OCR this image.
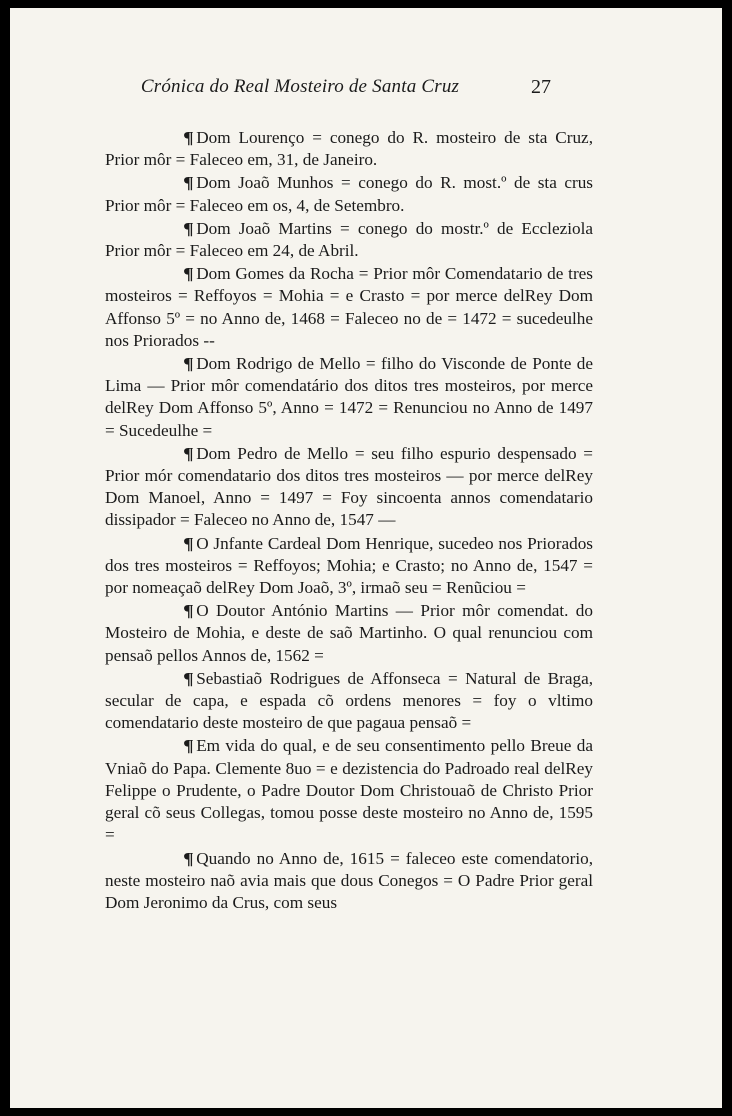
Crónica do Real Mosteiro de Santa Cruz	27

¶ Dom Lourenço = conego do R. mosteiro de sta Cruz, Prior môr = Faleceo em, 31, de Janeiro.

¶ Dom Joaõ Munhos = conego do R. most.º de sta crus Prior môr = Faleceo em os, 4, de Setembro.

¶ Dom Joaõ Martins = conego do mostr.º de Eccleziola Prior môr = Faleceo em 24, de Abril.

¶ Dom Gomes da Rocha = Prior môr Comendatario de tres mosteiros = Reffoyos = Mohia = e Crasto = por merce delRey Dom Affonso 5º = no Anno de, 1468 = Faleceo no de = 1472 = sucedeulhe nos Priorados --

¶ Dom Rodrigo de Mello = filho do Visconde de Ponte de Lima — Prior môr comendatário dos ditos tres mosteiros, por merce delRey Dom Affonso 5º, Anno = 1472 = Renunciou no Anno de 1497 = Sucedeulhe =

¶ Dom Pedro de Mello = seu filho espurio despensado = Prior mór comendatario dos ditos tres mosteiros — por merce delRey Dom Manoel, Anno = 1497 = Foy sincoenta annos comendatario dissipador = Faleceo no Anno de, 1547 —

¶ O Jnfante Cardeal Dom Henrique, sucedeo nos Priorados dos tres mosteiros = Reffoyos; Mohia; e Crasto; no Anno de, 1547 = por nomeaçaõ delRey Dom Joaõ, 3º, irmaõ seu = Renũciou =

¶ O Doutor António Martins — Prior môr comendat. do Mosteiro de Mohia, e deste de saõ Martinho. O qual renunciou com pensaõ pellos Annos de, 1562 =

¶ Sebastiaõ Rodrigues de Affonseca = Natural de Braga, secular de capa, e espada cõ ordens menores = foy o vltimo comendatario deste mosteiro de que pagaua pensaõ =

¶ Em vida do qual, e de seu consentimento pello Breue da Vniaõ do Papa. Clemente 8uo = e dezistencia do Padroado real delRey Felippe o Prudente, o Padre Doutor Dom Christouaõ de Christo Prior geral cõ seus Collegas, tomou posse deste mosteiro no Anno de, 1595 =

¶ Quando no Anno de, 1615 = faleceo este comendatorio, neste mosteiro naõ avia mais que dous Conegos = O Padre Prior geral Dom Jeronimo da Crus, com seus
